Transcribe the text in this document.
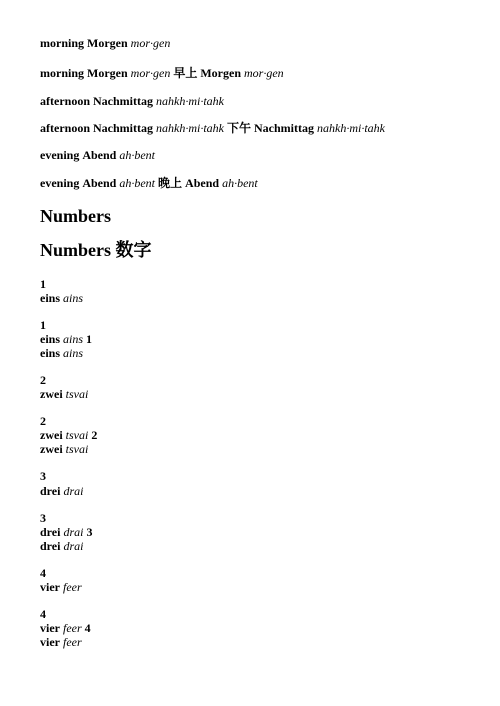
morning Morgen mor·gen
morning Morgen mor·gen 早上 Morgen mor·gen
afternoon Nachmittag nahkh·mi·tahk
afternoon Nachmittag nahkh·mi·tahk 下午 Nachmittag nahkh·mi·tahk
evening Abend ah·bent
evening Abend ah·bent 晚上 Abend ah·bent
Numbers
Numbers 数字
1
eins ains
1
eins ains 1
eins ains
2
zwei tsvai
2
zwei tsvai 2
zwei tsvai
3
drei drai
3
drei drai 3
drei drai
4
vier feer
4
vier feer 4
vier feer
